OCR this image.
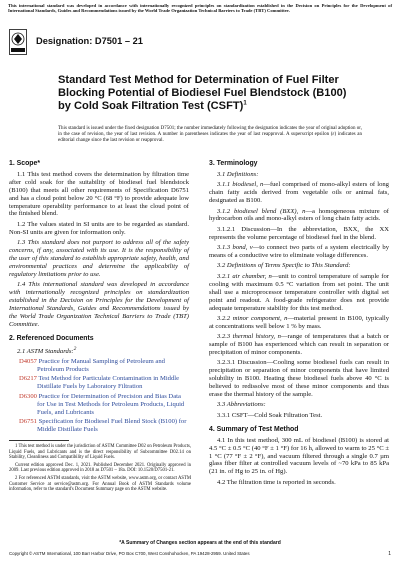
This international standard was developed in accordance with internationally recognized principles on standardization established in the Decision on Principles for the Development of International Standards, Guides and Recommendations issued by the World Trade Organization Technical Barriers to Trade (TBT) Committee.
Designation: D7501 – 21
Standard Test Method for Determination of Fuel Filter Blocking Potential of Biodiesel Fuel Blendstock (B100) by Cold Soak Filtration Test (CSFT)$^1$
This standard is issued under the fixed designation D7501; the number immediately following the designation indicates the year of original adoption or, in the case of revision, the year of last revision. A number in parentheses indicates the year of last reapproval. A superscript epsilon (ε) indicates an editorial change since the last revision or reapproval.
1. Scope*
1.1 This test method covers the determination by filtration time after cold soak for the suitability of biodiesel fuel blendstock (B100) that meets all other requirements of Specification D6751 and has a cloud point below 20 °C (68 °F) to provide adequate low temperature operability performance to at least the cloud point of the finished blend.
1.2 The values stated in SI units are to be regarded as standard. Non-SI units are given for information only.
1.3 This standard does not purport to address all of the safety concerns, if any, associated with its use. It is the responsibility of the user of this standard to establish appropriate safety, health, and environmental practices and determine the applicability of regulatory limitations prior to use.
1.4 This international standard was developed in accordance with internationally recognized principles on standardization established in the Decision on Principles for the Development of International Standards, Guides and Recommendations issued by the World Trade Organization Technical Barriers to Trade (TBT) Committee.
2. Referenced Documents
2.1 ASTM Standards:$^2$
D4057 Practice for Manual Sampling of Petroleum and Petroleum Products
D6217 Test Method for Particulate Contamination in Middle Distillate Fuels by Laboratory Filtration
D6300 Practice for Determination of Precision and Bias Data for Use in Test Methods for Petroleum Products, Liquid Fuels, and Lubricants
D6751 Specification for Biodiesel Fuel Blend Stock (B100) for Middle Distillate Fuels

1 This test method is under the jurisdiction of ASTM Committee D02 on Petroleum Products, Liquid Fuels, and Lubricants and is the direct responsibility of Subcommittee D02.14 on Stability, Cleanliness and Compatibility of Liquid Fuels.

Current edition approved Dec. 1, 2021. Published December 2021. Originally approved in 2009. Last previous edition approved in 2018 as D7501 – 18a. DOI: 10.1520/D7501-21.

2 For referenced ASTM standards, visit the ASTM website, www.astm.org, or contact ASTM Customer Service at service@astm.org. For Annual Book of ASTM Standards volume information, refer to the standard's Document Summary page on the ASTM website.

3. Terminology
3.1 Definitions:
3.1.1 biodiesel, n—fuel comprised of mono-alkyl esters of long chain fatty acids derived from vegetable oils or animal fats, designated as B100.
3.1.2 biodiesel blend (BXX), n—a homogeneous mixture of hydrocarbon oils and mono-alkyl esters of long chain fatty acids.
3.1.2.1 Discussion—In the abbreviation, BXX, the XX represents the volume percentage of biodiesel fuel in the blend.
3.1.3 bond, v—to connect two parts of a system electrically by means of a conductive wire to eliminate voltage differences.
3.2 Definitions of Terms Specific to This Standard:
3.2.1 air chamber, n—unit to control temperature of sample for cooling with maximum 0.5 °C variation from set point. The unit shall use a microprocessor temperature controller with digital set point and readout. A food-grade refrigerator does not provide adequate temperature stability for this test method.
3.2.2 minor component, n—material present in B100, typically at concentrations well below 1 % by mass.
3.2.3 thermal history, n—range of temperatures that a batch or sample of B100 has experienced which can result in separation or precipitation of minor components.
3.2.3.1 Discussion—Cooling some biodiesel fuels can result in precipitation or separation of minor components that have limited solubility in B100. Heating these biodiesel fuels above 40 °C is believed to redissolve most of these minor components and thus erase the thermal history of the sample.
3.3 Abbreviations:
3.3.1 CSFT—Cold Soak Filtration Test.
4. Summary of Test Method
4.1 In this test method, 300 mL of biodiesel (B100) is stored at 4.5 °C ± 0.5 °C (40 °F ± 1 °F) for 16 h, allowed to warm to 25 °C ± 1 °C (77 °F ± 2 °F), and vacuum filtered through a single 0.7 µm glass fiber filter at controlled vacuum levels of ~70 kPa to 85 kPa (21 in. of Hg to 25 in. of Hg).
4.2 The filtration time is reported in seconds.
*A Summary of Changes section appears at the end of this standard
Copyright © ASTM International, 100 Barr Harbor Drive, PO Box C700, West Conshohocken, PA 19428-2959. United States	1
